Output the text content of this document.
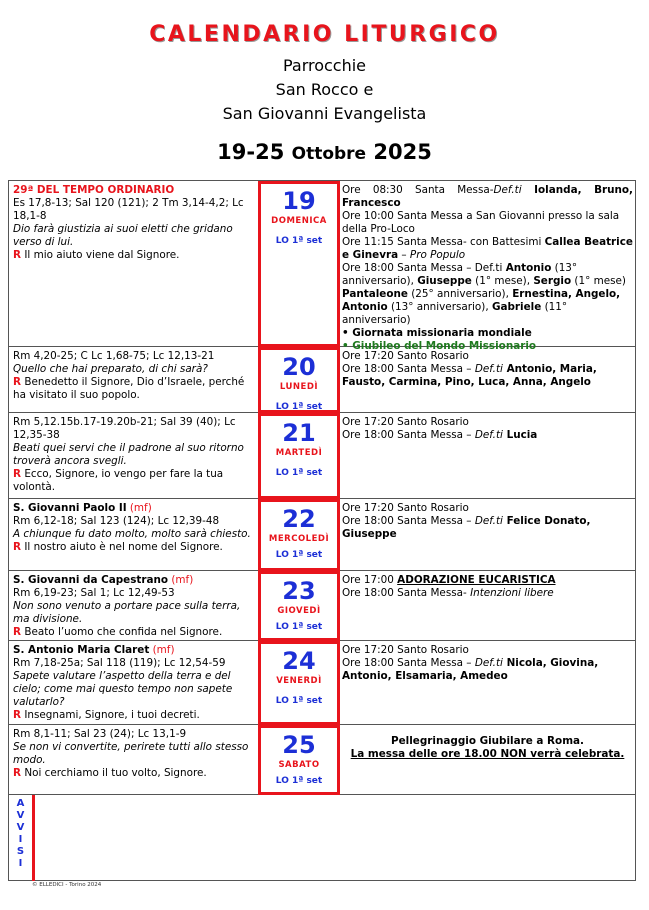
CALENDARIO LITURGICO
Parrocchie
San Rocco e
San Giovanni Evangelista
19-25 Ottobre 2025
29ª DEL TEMPO ORDINARIO
Es 17,8-13; Sal 120 (121); 2 Tm 3,14-4,2; Lc 18,1-8
Dio farà giustizia ai suoi eletti che gridano verso di lui.
R Il mio aiuto viene dal Signore.
19
DOMENICA
LO 1ª set
Ore 08:30 Santa Messa-Def.ti Iolanda, Bruno, Francesco
Ore 10:00 Santa Messa a San Giovanni presso la sala della Pro-Loco
Ore 11:15 Santa Messa- con Battesimi Callea Beatrice e Ginevra – Pro Populo
Ore 18:00 Santa Messa – Def.ti Antonio (13° anniversario), Giuseppe (1° mese), Sergio (1° mese) Pantaleone (25° anniversario), Ernestina, Angelo, Antonio (13° anniversario), Gabriele (11° anniversario)
• Giornata missionaria mondiale
• Giubileo del Mondo Missionario
Rm 4,20-25; C Lc 1,68-75; Lc 12,13-21
Quello che hai preparato, di chi sarà?
R Benedetto il Signore, Dio d’Israele, perché ha visitato il suo popolo.
20
LUNEDÌ
LO 1ª set
Ore 17:20 Santo Rosario
Ore 18:00 Santa Messa – Def.ti Antonio, Maria, Fausto, Carmina, Pino, Luca, Anna, Angelo
Rm 5,12.15b.17-19.20b-21; Sal 39 (40); Lc 12,35-38
Beati quei servi che il padrone al suo ritorno troverà ancora svegli.
R Ecco, Signore, io vengo per fare la tua volontà.
21
MARTEDÌ
LO 1ª set
Ore 17:20 Santo Rosario
Ore 18:00 Santa Messa – Def.ti Lucia
S. Giovanni Paolo II (mf)
Rm 6,12-18; Sal 123 (124); Lc 12,39-48
A chiunque fu dato molto, molto sarà chiesto.
R Il nostro aiuto è nel nome del Signore.
22
MERCOLEDÌ
LO 1ª set
Ore 17:20 Santo Rosario
Ore 18:00 Santa Messa – Def.ti Felice Donato, Giuseppe
S. Giovanni da Capestrano (mf)
Rm 6,19-23; Sal 1; Lc 12,49-53
Non sono venuto a portare pace sulla terra, ma divisione.
R Beato l’uomo che confida nel Signore.
23
GIOVEDÌ
LO 1ª set
Ore 17:00 ADORAZIONE EUCARISTICA
Ore 18:00 Santa Messa- Intenzioni libere
S. Antonio Maria Claret (mf)
Rm 7,18-25a; Sal 118 (119); Lc 12,54-59
Sapete valutare l’aspetto della terra e del cielo; come mai questo tempo non sapete valutarlo?
R Insegnami, Signore, i tuoi decreti.
24
VENERDÌ
LO 1ª set
Ore 17:20 Santo Rosario
Ore 18:00 Santa Messa – Def.ti Nicola, Giovina, Antonio, Elsamaria, Amedeo
Rm 8,1-11; Sal 23 (24); Lc 13,1-9
Se non vi convertite, perirete tutti allo stesso modo.
R Noi cerchiamo il tuo volto, Signore.
25
SABATO
LO 1ª set
Pellegrinaggio Giubilare a Roma.
La messa delle ore 18.00 NON verrà celebrata.
A
V
V
I
S
I
© ELLEDICI - Torino 2024
